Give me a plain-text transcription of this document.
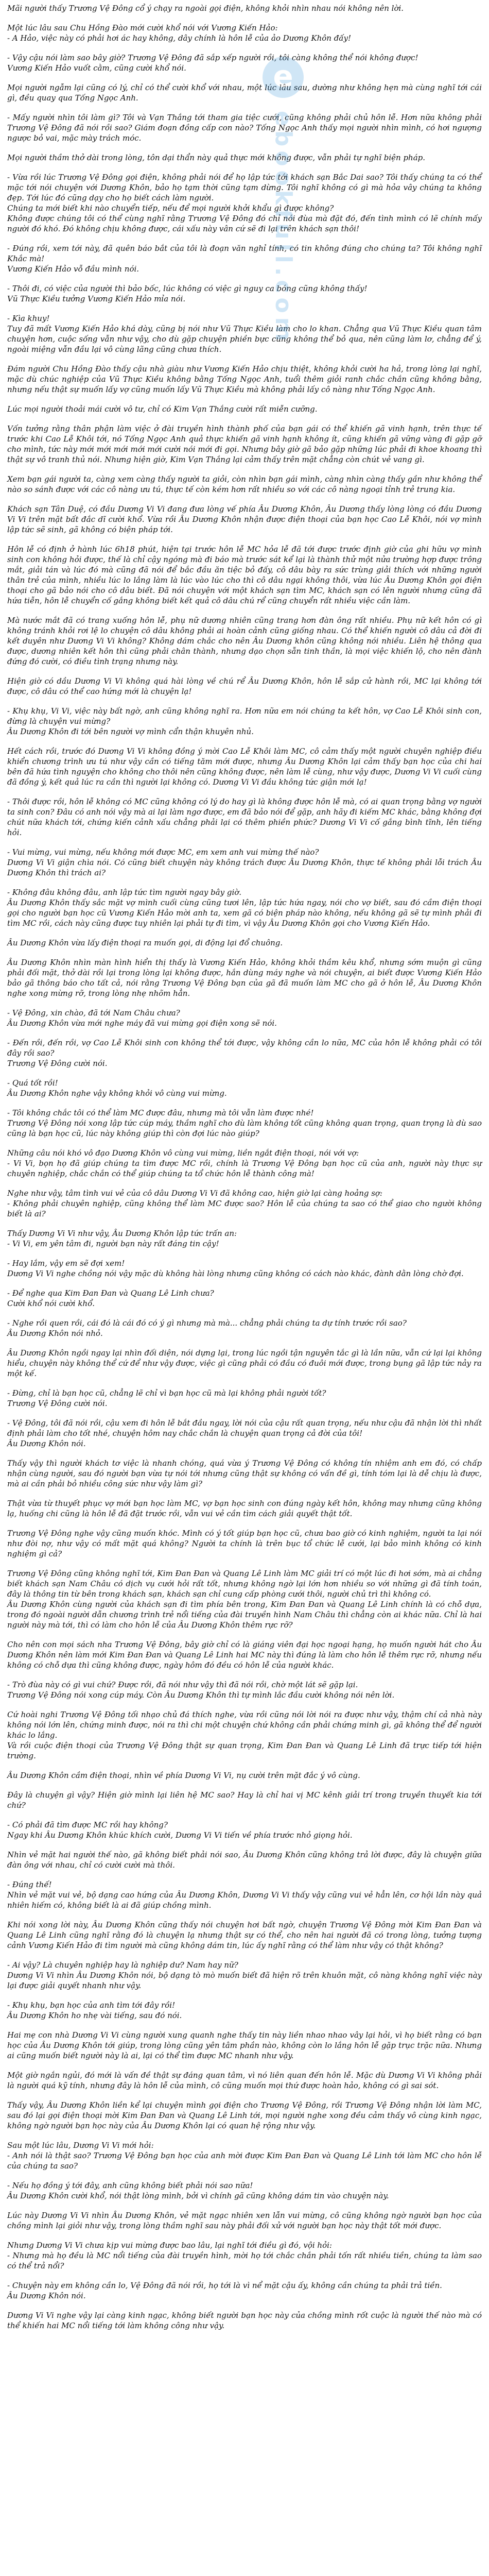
e
ebookfull.com

Mãi người thấy Trương Vệ Đông cổ ý chạy ra ngoài gọi điện, không khỏi nhìn nhau nói không nên lời.

Một lúc lâu sau Chu Hồng Đào mới cười khổ nói với Vương Kiến Hảo:
- A Hảo, việc này có phải hơi ác hay không, dây chính là hôn lễ của ảo Dương Khôn đấy!

- Vậy cậu nói làm sao bây giờ? Trương Vệ Đông đã sắp xếp người rồi, tôi càng không thể nói không được!
Vương Kiến Hảo vuốt cằm, cũng cười khổ nói.

Mọi người ngẫm lại cũng có lý, chỉ có thể cười khổ với nhau, một lúc lâu sau, dường như không hẹn mà cùng nghĩ tới cái gì, đều quay qua Tống Ngọc Anh.

- Mấy người nhìn tôi làm gì? Tôi và Vạn Thắng tới tham gia tiệc cưới, cũng không phải chủ hôn lễ. Hơn nữa không phải Trương Vệ Đông đã nói rồi sao? Giám đoạn đồng cấp con nào? Tống Ngọc Anh thấy mọi người nhìn mình, có hơi ngượng ngược bỏ vai, mặc mày trách móc.

Mọi người thầm thở dài trong lòng, tôn dại thẩn này quả thực mới không được, vẫn phải tự nghĩ biện pháp.

- Vừa rồi lúc Trương Vệ Đông gọi điện, không phải nói để họ lập tức tới khách sạn Bắc Dai sao? Tôi thấy chúng ta có thể mặc tới nói chuyện với Dương Khôn, bảo họ tạm thời cũng tạm dừng. Tôi nghĩ không có gì mà hỏa vây chúng ta không đẹp. Tới lúc đó cũng dạy cho họ biết cách làm người.
Chúng ta mới biết khi nào chuyển tiếp, nếu để mọi người khởi khẩu gì được không?
Không được chúng tôi có thể cùng nghĩ rằng Trương Vệ Đông đó chỉ nói đùa mà đặt đó, đến tình mình có lẽ chính mấy người đó khó. Đó không chịu không được, cái xấu này vân cứ sẽ đi lại trên khách sạn thôi!

- Đúng rồi, xem tới này, đã quên báo bắt của tôi là đoạn văn nghỉ tính, có tin không đúng cho chúng ta? Tôi không nghĩ Khắc mà!
Vương Kiến Hảo vỗ đầu mình nói.

- Thôi đi, có việc của người thì bảo bốc, lúc không có việc gì nguy ca bóng cũng không thấy!
Vũ Thực Kiều tưởng Vương Kiến Hảo mỉa nói.

- Kìa khuy!
Tuy đã mất Vương Kiến Hảo khá dày, cũng bị nói như Vũ Thực Kiều làm cho lo khan. Chẳng qua Vũ Thực Kiều quan tâm chuyện hơn, cuộc sống vẫn như vậy, cho dù gặp chuyện phiền bực cũng không thể bỏ qua, nên cũng làm lơ, chẳng để ý, ngoài miệng vẫn đầu lại vô cùng lãng cũng chưa thích.

Đám người Chu Hồng Đào thấy cậu nhà giàu như Vương Kiến Hảo chịu thiệt, không khỏi cười ha hả, trong lòng lại nghĩ, mặc dù chúc nghiệp của Vũ Thực Kiều không bằng Tống Ngọc Anh, tuổi thêm giỏi ranh chắc chắn cũng không bằng, nhưng nếu thật sự muốn lấy vợ cũng muốn lấy Vũ Thực Kiều mà không phải lấy cô nàng như Tống Ngọc Anh.

Lúc mọi người thoải mái cười vô tư, chỉ có Kim Vạn Thắng cười rất miễn cưỡng.

Vốn tưởng rằng thân phận làm việc ở đài truyền hình thành phố của bạn gái có thể khiến gã vinh hạnh, trên thực tế trước khi Cao Lễ Khôi tới, nó Tống Ngọc Anh quả thực khiến gã vinh hạnh không ít, cũng khiến gã vững vàng đi gặp gỡ cho mình, tức này mới mới mới mới mới cười nói mới đi gọi. Nhưng bây giờ gã bảo gặp những lúc phải đi khoe khoang thì thật sự vô tranh thủ nói. Nhưng hiện giờ, Kim Vạn Thắng lại cảm thấy trên mặt chẳng còn chút vẻ vang gì.

Xem bạn gái người ta, càng xem càng thấy người ta giỏi, còn nhìn bạn gái mình, càng nhìn càng thấy gần như không thể nào so sánh được với các cô nàng ưu tú, thực tế còn kém hơn rất nhiều so với các cô nàng ngoại tỉnh trẻ trung kia.

Khách sạn Tân Duệ, có đầu Dương Vi Vi đang đưa lòng vế phía Âu Dương Khôn, Âu Dương thấy lòng lòng có đầu Dương Vi Vi trên mặt bất đắc dĩ cười khổ. Vừa rồi Âu Dương Khôn nhận được điện thoại của bạn học Cao Lễ Khôi, nói vợ mình lập tức sẽ sinh, gã không có biện pháp tới.

Hôn lễ có định ở hành lúc 6h18 phút, hiện tại trước hôn lễ MC hỏa lễ đã tới được trước định giờ của ghi hữu vợ mình sinh con không hỏi được, thế là chỉ cậy ngóng mà đi báo mà trước sát kể lại là thành thử một nửa trường hợp được trông mắt, giải tán và lúc đó mà cũng đã nói để bắc đầu ăn tiệc bỏ đấy, cô dâu bày ra sức trùng giải thích với những người thân trẻ của mình, nhiều lúc lo lắng làm là lúc vào lúc cho thì cô dâu ngại không thôi, vừa lúc Âu Dương Khôn gọi điện thoại cho gã bảo nói cho cô dâu biết. Đã nói chuyện với một khách sạn tìm MC, khách sạn có lên người nhưng cũng đã hứa tiễn, hôn lễ chuyển cố gắng không biết kết quả cô dâu chú rể cũng chuyển rất nhiều việc cần làm.

Mà nước mắt đã có trang xuống hôn lễ, phụ nữ dương nhiên cũng trang hơn đàn ông rất nhiều. Phụ nữ kết hôn có gì không tránh khỏi rơi lệ lo chuyện cô dâu không phải ai hoàn cảnh cũng giống nhau. Có thể khiến người cô dâu cả đời đi kết duyên như Dương Vi Vi không? Không dám chắc cho nên Âu Dương khôn cũng không nói nhiều. Liên hệ thông qua được, dương nhiên kết hôn thì cũng phải chân thành, nhưng dạo chọn sẵn tinh thần, là mọi việc khiến lộ, cho nên đành đứng đó cười, có điều tình trạng nhưng này.

Hiện giờ có dầu Dương Vi Vi không quá hài lòng về chú rể Âu Dương Khôn, hôn lễ sắp cử hành rồi, MC lại không tới được, cô dâu có thể cao hứng mới là chuyện lạ!

- Khụ khụ, Vi Vi, việc này bất ngờ, anh cũng không nghĩ ra. Hơn nữa em nói chúng ta kết hôn, vợ Cao Lễ Khôi sinh con, đừng là chuyện vui mừng?
Âu Dương Khôn đi tới bên người vợ mình cẩn thận khuyên nhủ.

Hết cách rồi, trước đó Dương Vi Vi không đồng ý mời Cao Lễ Khôi làm MC, cô cảm thấy một người chuyên nghiệp điều khiển chương trình ưu tú như vậy cần có tiếng tăm mới được, nhưng Âu Dương Khôn lại cảm thấy bạn học của chi hai bên đã hứa tình nguyện cho không cho thôi nên cũng không được, nên làm lễ cùng, như vậy được, Dương Vi Vi cuối cùng đã đồng ý, kết quả lúc ra cần thì người lại không có. Dương Vi Vi đầu không tức giận mới lạ!

- Thôi được rồi, hôn lễ không có MC cũng không có lý do hay gì là không được hôn lễ mà, có ai quan trọng bằng vợ người ta sinh con? Đâu có anh nói vậy mà ai lại làm ngơ được, em đã bảo nói để gặp, anh hãy đi kiếm MC khác, bằng không đợi chút nữa khách tới, chứng kiến cảnh xấu chẳng phải lại có thêm phiền phức? Dương Vi Vi cố gắng bình tĩnh, lên tiếng hỏi.

- Vui mừng, vui mừng, nếu không mới được MC, em xem anh vui mừng thế nào?
Dương Vi Vi giận chìa nói. Có cũng biết chuyện này không trách được Âu Dương Khôn, thực tế không phải lỗi trách Âu Dương Khôn thì trách ai?

- Không đâu không đâu, anh lập tức tìm người ngay bây giờ.
Âu Dương Khôn thấy sắc mặt vợ mình cuối cùng cũng tươi lên, lập tức hứa ngay, nói cho vợ biết, sau đó cầm điện thoại gọi cho người bạn học cũ Vương Kiến Hảo mời anh ta, xem gã có biện pháp nào không, nếu không gã sẽ tự mình phải đi tìm MC rồi, cách này cũng được tuy nhiên lại phải tự đi tìm, vì vậy Âu Dương Khôn gọi cho Vương Kiến Hảo.

Âu Dương Khôn vừa lấy điện thoại ra muốn gọi, di động lại đổ chuông.

Âu Dương Khôn nhìn màn hình hiển thị thấy là Vương Kiến Hảo, không khỏi thầm kêu khổ, nhưng sớm muộn gì cũng phải đối mặt, thở dài rồi lại trong lòng lại không được, hắn dùng máy nghe và nói chuyện, ai biết được Vương Kiến Hảo bảo gã thông báo cho tất cả, nói rằng Trương Vệ Đông bạn của gã đã muốn làm MC cho gã ở hôn lễ, Âu Dương Khôn nghe xong mừng rỡ, trong lòng nhẹ nhõm hẳn.

- Vệ Đông, xin chào, đã tới Nam Châu chưa?
Âu Dương Khôn vừa mới nghe máy đã vui mừng gọi điện xong sẽ nói.

- Đến rồi, đến rồi, vợ Cao Lễ Khôi sinh con không thể tới được, vậy không cần lo nữa, MC của hôn lễ không phải có tôi đây rồi sao?
Trương Vệ Đông cười nói.

- Quá tốt rồi!
Âu Dương Khôn nghe vậy không khỏi vô cùng vui mừng.

- Tôi không chắc tôi có thể làm MC được đâu, nhưng mà tôi vẫn làm được nhé!
Trương Vệ Đông nói xong lập tức cúp máy, thầm nghĩ cho dù làm không tốt cũng không quan trọng, quan trọng là dù sao cũng là bạn học cũ, lúc này không giúp thì còn đợi lúc nào giúp?

Những câu nói khó vô đạo Dương Khôn vô cùng vui mừng, liền ngắt điện thoại, nói với vợ:
- Vi Vi, bọn họ đã giúp chúng ta tìm được MC rồi, chính là Trương Vệ Đông bạn học cũ của anh, người này thực sự chuyên nghiệp, chắc chắn có thể giúp chúng ta tổ chức hôn lễ thành công mà!

Nghe như vậy, tâm tình vui vẻ của cô dâu Dương Vi Vi đã không cao, hiện giờ lại càng hoảng sợ:
- Không phải chuyên nghiệp, cũng không thể làm MC được sao? Hôn lễ của chúng ta sao có thể giao cho người không biết là ai?

Thấy Dương Vi Vi như vậy, Âu Dương Khôn lập tức trấn an:
- Vi Vi, em yên tâm đi, người bạn này rất đáng tin cậy!

- Hay lắm, vậy em sẽ đợi xem!
Dương Vi Vi nghe chồng nói vậy mặc dù không hài lòng nhưng cũng không có cách nào khác, đành dằn lòng chờ đợi.

- Để nghe qua Kim Đan Đan và Quang Lê Linh chưa?
Cười khổ nói cười khổ.

- Nghe rồi quen rồi, cái đó là cái đó có ý gì nhưng mà mà... chẳng phải chúng ta dự tính trước rồi sao?
Âu Dương Khôn nói nhỏ.

Âu Dương Khôn ngồi ngay lại nhìn đối diện, nói dựng lại, trong lúc ngồi tận nguyên tắc gì là lần nữa, vẫn cứ lại lại không hiểu, chuyện này không thể cứ để như vậy được, việc gì cũng phải có đầu có đuôi mới được, trong bụng gã lập tức nảy ra một kế.

- Đừng, chỉ là bạn học cũ, chẳng lẽ chỉ vì bạn học cũ mà lại không phải người tốt?
Trương Vệ Đông cười nói.

- Vệ Đông, tôi đã nói rồi, cậu xem đi hôn lễ bắt đầu ngay, lời nói của cậu rất quan trọng, nếu như cậu đã nhận lời thì nhất định phải làm cho tốt nhé, chuyện hôm nay chắc chắn là chuyện quan trọng cả đời của tôi!
Âu Dương Khôn nói.

Thấy vậy thì người khách tơ việc là nhanh chóng, quá vừa ý Trương Vệ Đông có không tín nhiệm anh em đó, có chấp nhận cùng người, sau đó người bạn vừa tự nói tới nhưng cũng thật sự không có vấn đề gì, tính tóm lại là dễ chịu là được, mà ai cần phải bỏ nhiều công sức như vậy làm gì?

Thật vừa từ thuyết phục vợ mới bạn học làm MC, vợ bạn học sinh con đúng ngày kết hôn, không may nhưng cũng không lạ, huống chi cũng là hôn lễ đã đặt trước rồi, vẫn vui vẻ cần tìm cách giải quyết thật tốt.

Trương Vệ Đông nghe vậy cũng muốn khóc. Mình có ý tốt giúp bạn học cũ, chưa bao giờ có kinh nghiệm, người ta lại nói như đòi nợ, như vậy có mất mặt quá không? Người ta chính là trên bục tổ chức lễ cưới, lại bảo mình không có kinh nghiệm gì cả?

Trương Vệ Đông cũng không nghĩ tới, Kim Đan Đan và Quang Lê Linh làm MC giải trí có một lúc đi hơi sớm, mà ai chẳng biết khách sạn Nam Châu có dịch vụ cưới hỏi rất tốt, nhưng không ngờ lại lớn hơn nhiều so với những gì đã tính toán, đây là thông tin từ bên trong khách sạn, khách sạn chỉ cung cấp phòng cưới thôi, người chủ trì thì không có.
Âu Dương Khôn cùng người của khách sạn đi tìm phía bên trong, Kim Đan Đan và Quang Lê Linh chính là có chỗ dựa, trong đó ngoài người dẫn chương trình trẻ nổi tiếng của đài truyền hình Nam Châu thì chẳng còn ai khác nữa. Chỉ là hai người này mà tới, thì có làm cho hôn lễ của Âu Dương Khôn thêm rực rỡ?

Cho nên con mọi sách nha Trương Vệ Đông, bây giờ chỉ có là giáng viên đại học ngoại hạng, họ muốn người hát cho Âu Dương Khôn nên làm mới Kim Đan Đan và Quang Lê Linh hai MC này thì đúng là làm cho hôn lễ thêm rực rỡ, nhưng nếu không có chỗ dựa thì cũng không được, ngày hôm đó đều có hôn lễ của người khác.

- Trò đùa này có gì vui chứ? Được rồi, đã nói như vậy thì đã nói rồi, chờ một lát sẽ gặp lại.
Trương Vệ Đông nói xong cúp máy. Còn Âu Dương Khôn thì tự mình lắc đầu cười không nói nên lời.

Cứ hoài nghi Trương Vệ Đông tối nhạo chủ đá thích nghe, vừa rồi cũng nói lời nói ra được như vậy, thậm chí cả nhà này không nói lớn lên, chứng minh được, nói ra thì chi một chuyện chứ không cần phải chứng minh gì, gã không thể để người khác lo lắng.
Và rồi cuộc điện thoại của Trương Vệ Đông thật sự quan trọng, Kim Đan Đan và Quang Lê Linh đã trực tiếp tới hiện trường.

Âu Dương Khôn cầm điện thoại, nhìn về phía Dương Vi Vi, nụ cười trên mặt đắc ý vô cùng.

Đây là chuyện gì vậy? Hiện giờ mình lại liên hệ MC sao? Hay là chỉ hai vị MC kênh giải trí trong truyền thuyết kia tới chứ?

- Có phải đã tìm được MC rồi hay không?
Ngay khi Âu Dương Khôn khúc khích cười, Dương Vi Vi tiến về phía trước nhỏ giọng hỏi.

Nhìn vẻ mặt hai người thế nào, gã không biết phải nói sao, Âu Dương Khôn cũng không trả lời được, đây là chuyện giữa đàn ông với nhau, chỉ có cười cười mà thôi.

- Đúng thế!
Nhìn vẻ mặt vui vẻ, bộ dạng cao hứng của Âu Dương Khôn, Dương Vi Vi thấy vậy cũng vui vẻ hẳn lên, cơ hội lần này quả nhiên hiếm có, không biết là ai đã giúp chồng mình.

Khi nói xong lời này, Âu Dương Khôn cũng thấy nói chuyện hơi bất ngờ, chuyện Trương Vệ Đông mời Kim Đan Đan và Quang Lê Linh cũng nghĩ rằng đó là chuyện lạ nhưng thật sự có thể, cho nên hai người đã có trong lòng, tưởng tượng cảnh Vương Kiến Hảo đi tìm người mà cũng không dám tin, lúc ấy nghĩ rằng có thể làm như vậy có thật không?

- Ai vậy? Là chuyên nghiệp hay là nghiệp dư? Nam hay nữ?
Dương Vi Vi nhìn Âu Dương Khôn nói, bộ dạng tò mò muốn biết đã hiện rõ trên khuôn mặt, cô nàng không nghĩ việc này lại được giải quyết nhanh như vậy.

- Khụ khụ, bạn học của anh tìm tới đây rồi!
Âu Dương Khôn ho nhẹ vài tiếng, sau đó nói.

Hai mẹ con nhà Dương Vi Vi cùng người xung quanh nghe thấy tin này liền nhao nhao vây lại hỏi, vì họ biết rằng có bạn học của Âu Dương Khôn tới giúp, trong lòng cũng yên tâm phần nào, không còn lo lắng hôn lễ gặp trục trặc nữa. Nhưng ai cũng muốn biết người này là ai, lại có thể tìm được MC nhanh như vậy.

Một giờ ngắn ngủi, đó mới là vấn đề thật sự đáng quan tâm, vì nó liên quan đến hôn lễ. Mặc dù Dương Vi Vi không phải là người quá kỹ tính, nhưng đây là hôn lễ của mình, cô cũng muốn mọi thứ được hoàn hảo, không có gì sai sót.

Thấy vậy, Âu Dương Khôn liền kể lại chuyện mình gọi điện cho Trương Vệ Đông, rồi Trương Vệ Đông nhận lời làm MC, sau đó lại gọi điện thoại mời Kim Đan Đan và Quang Lê Linh tới, mọi người nghe xong đều cảm thấy vô cùng kinh ngạc, không ngờ người bạn học này của Âu Dương Khôn lại có quan hệ rộng như vậy.

Sau một lúc lâu, Dương Vi Vi mới hỏi:
- Anh nói là thật sao? Trương Vệ Đông bạn học của anh mời được Kim Đan Đan và Quang Lê Linh tới làm MC cho hôn lễ của chúng ta sao?

- Nếu họ đồng ý tới đây, anh cũng không biết phải nói sao nữa!
Âu Dương Khôn cười khổ, nói thật lòng mình, bởi vì chính gã cũng không dám tin vào chuyện này.

Lúc này Dương Vi Vi nhìn Âu Dương Khôn, vẻ mặt ngạc nhiên xen lẫn vui mừng, cô cũng không ngờ người bạn học của chồng mình lại giỏi như vậy, trong lòng thầm nghĩ sau này phải đối xử với người bạn học này thật tốt mới được.

Nhưng Dương Vi Vi chưa kịp vui mừng được bao lâu, lại nghĩ tới điều gì đó, vội hỏi:
- Nhưng mà họ đều là MC nổi tiếng của đài truyền hình, mời họ tới chắc chắn phải tốn rất nhiều tiền, chúng ta làm sao có thể trả nổi?

- Chuyện này em không cần lo, Vệ Đông đã nói rồi, họ tới là vì nể mặt cậu ấy, không cần chúng ta phải trả tiền.
Âu Dương Khôn nói.

Dương Vi Vi nghe vậy lại càng kinh ngạc, không biết người bạn học này của chồng mình rốt cuộc là người thế nào mà có thể khiến hai MC nổi tiếng tới làm không công như vậy.
